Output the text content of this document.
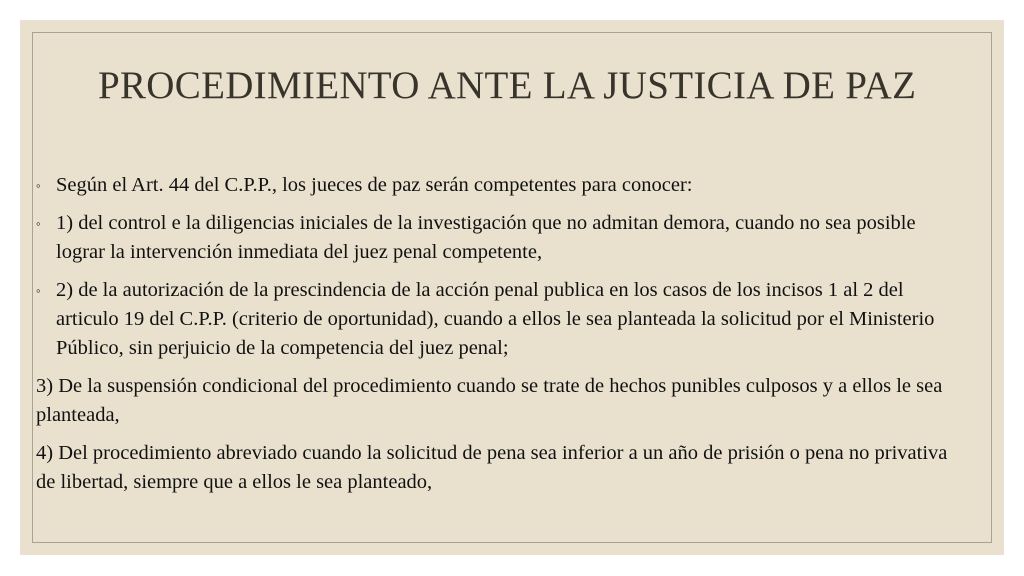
PROCEDIMIENTO ANTE LA JUSTICIA DE PAZ

◦ Según el Art. 44 del C.P.P., los jueces de paz serán competentes para conocer:

◦ 1) del control e la diligencias iniciales de la investigación que no admitan demora, cuando no sea posible lograr la intervención inmediata del juez penal competente,

◦ 2) de la autorización de la prescindencia de la acción penal publica en los casos de los incisos 1 al 2 del articulo 19 del C.P.P. (criterio de oportunidad), cuando a ellos le sea planteada la solicitud por el Ministerio Público, sin perjuicio de la competencia del juez penal;

3) De la suspensión condicional del procedimiento cuando se trate de hechos punibles culposos y a ellos le sea planteada,

4) Del procedimiento abreviado cuando la solicitud de pena sea inferior a un año de prisión o pena no privativa de libertad, siempre que a ellos le sea planteado,
